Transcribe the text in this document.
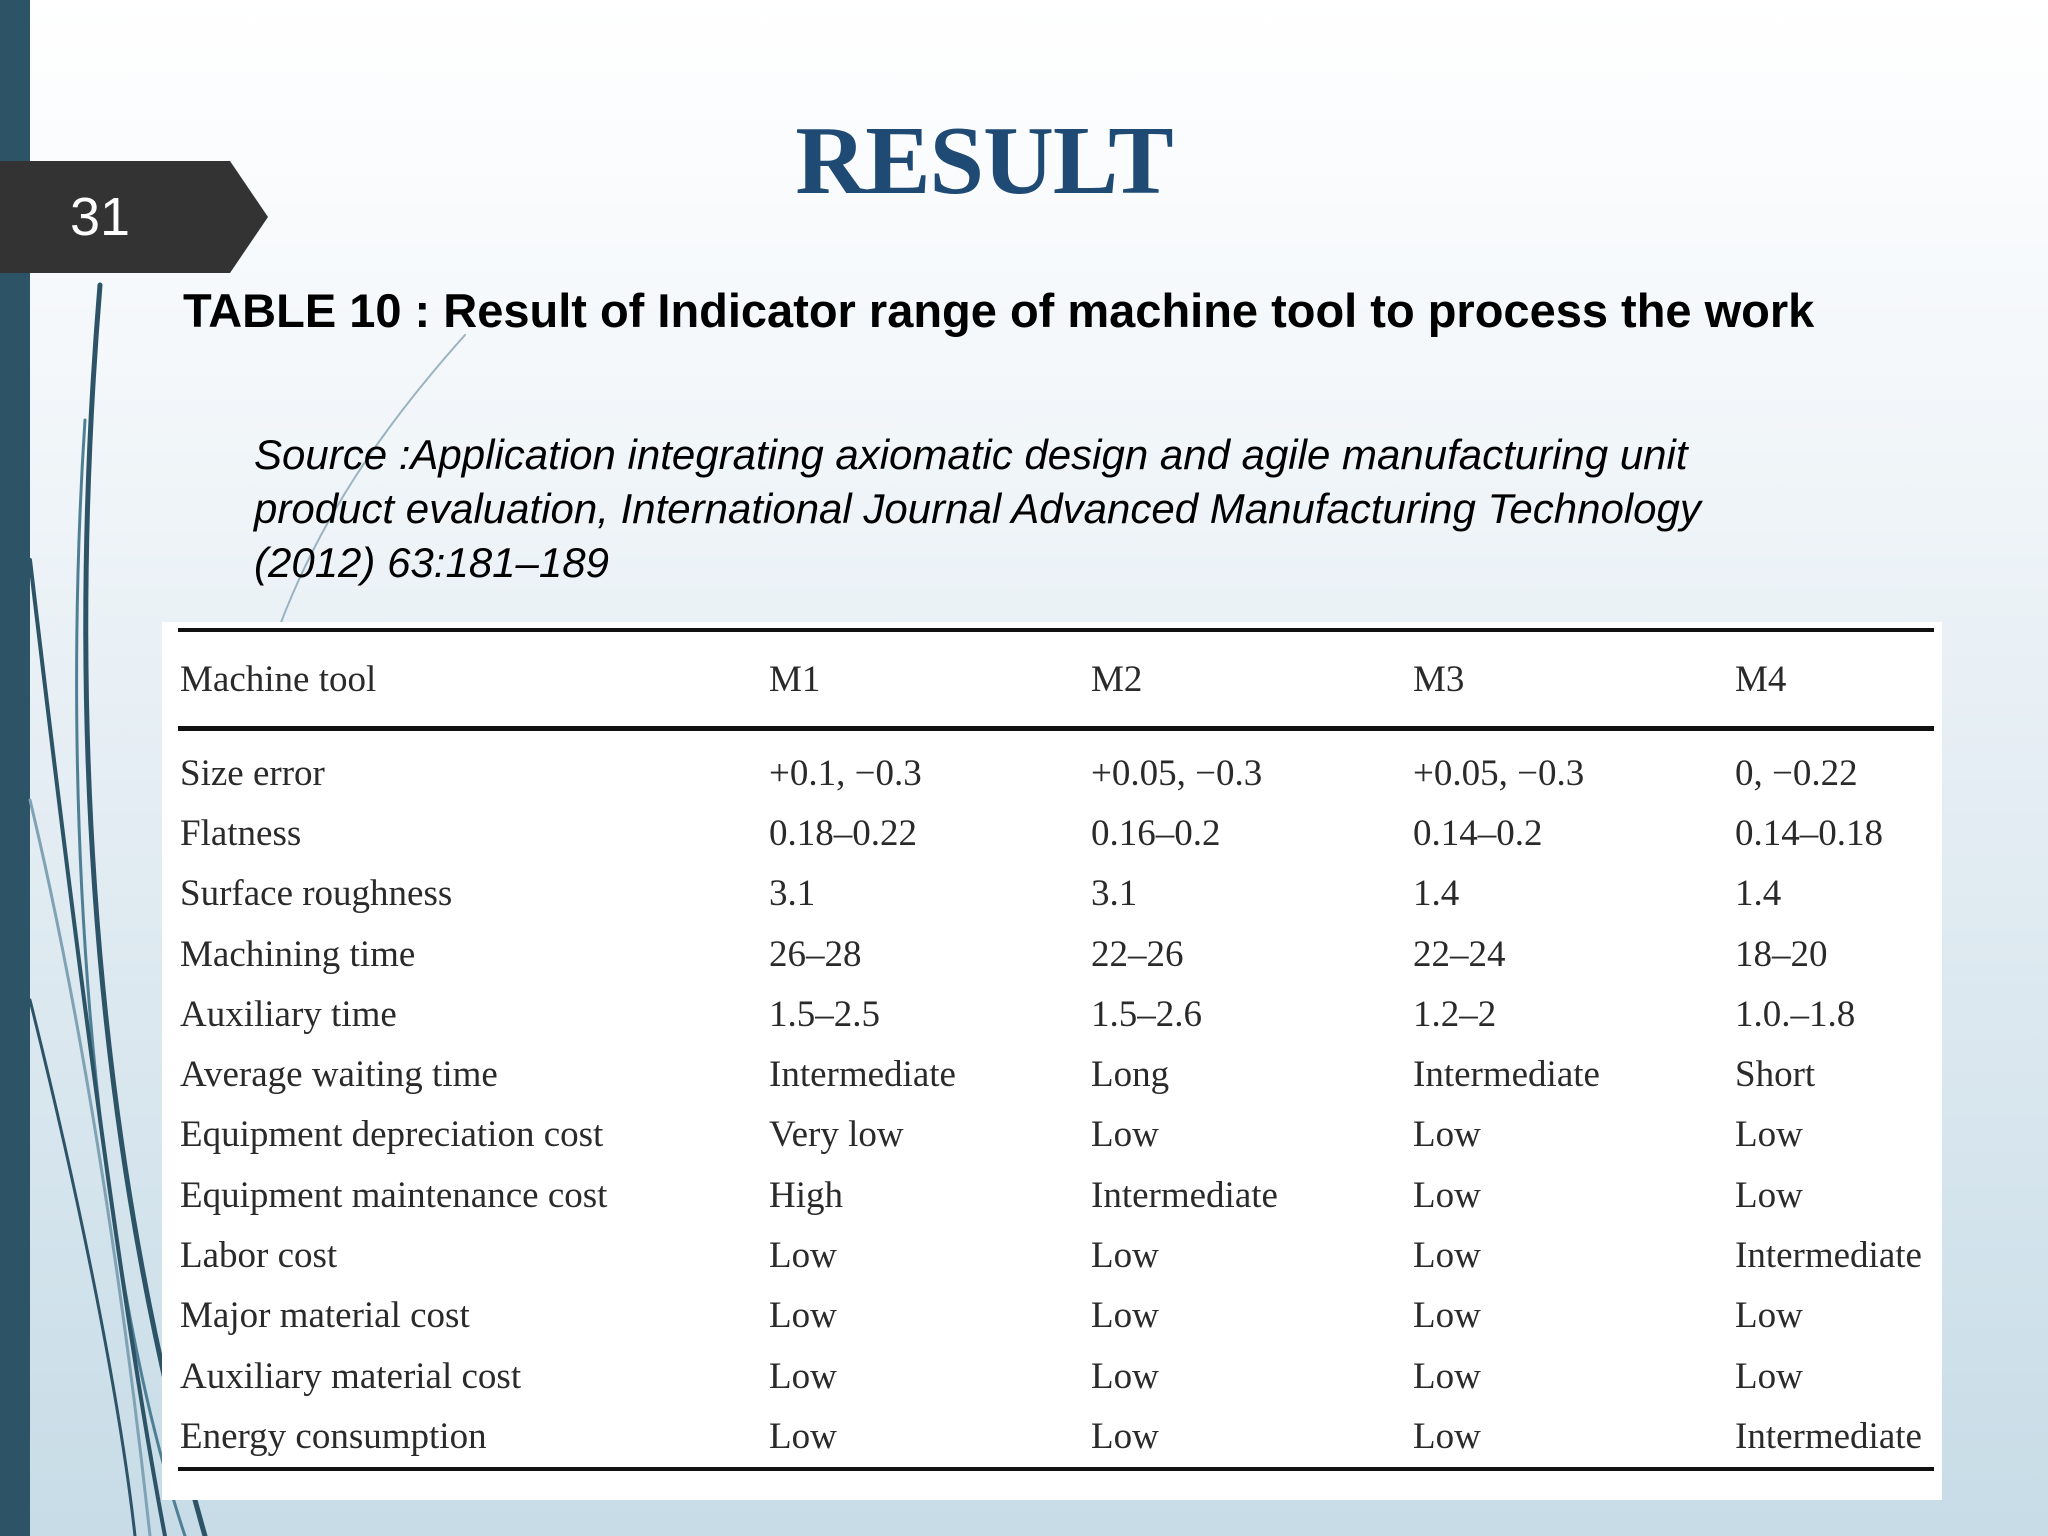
31
RESULT
TABLE 10 : Result of Indicator range of machine tool to process the work
Source :Application integrating axiomatic design and agile manufacturing unit
product evaluation, International Journal Advanced Manufacturing Technology
(2012) 63:181–189
Machine tool	M1	M2	M3	M4
Size error	+0.1, −0.3	+0.05, −0.3	+0.05, −0.3	0, −0.22
Flatness	0.18–0.22	0.16–0.2	0.14–0.2	0.14–0.18
Surface roughness	3.1	3.1	1.4	1.4
Machining time	26–28	22–26	22–24	18–20
Auxiliary time	1.5–2.5	1.5–2.6	1.2–2	1.0.–1.8
Average waiting time	Intermediate	Long	Intermediate	Short
Equipment depreciation cost	Very low	Low	Low	Low
Equipment maintenance cost	High	Intermediate	Low	Low
Labor cost	Low	Low	Low	Intermediate
Major material cost	Low	Low	Low	Low
Auxiliary material cost	Low	Low	Low	Low
Energy consumption	Low	Low	Low	Intermediate
